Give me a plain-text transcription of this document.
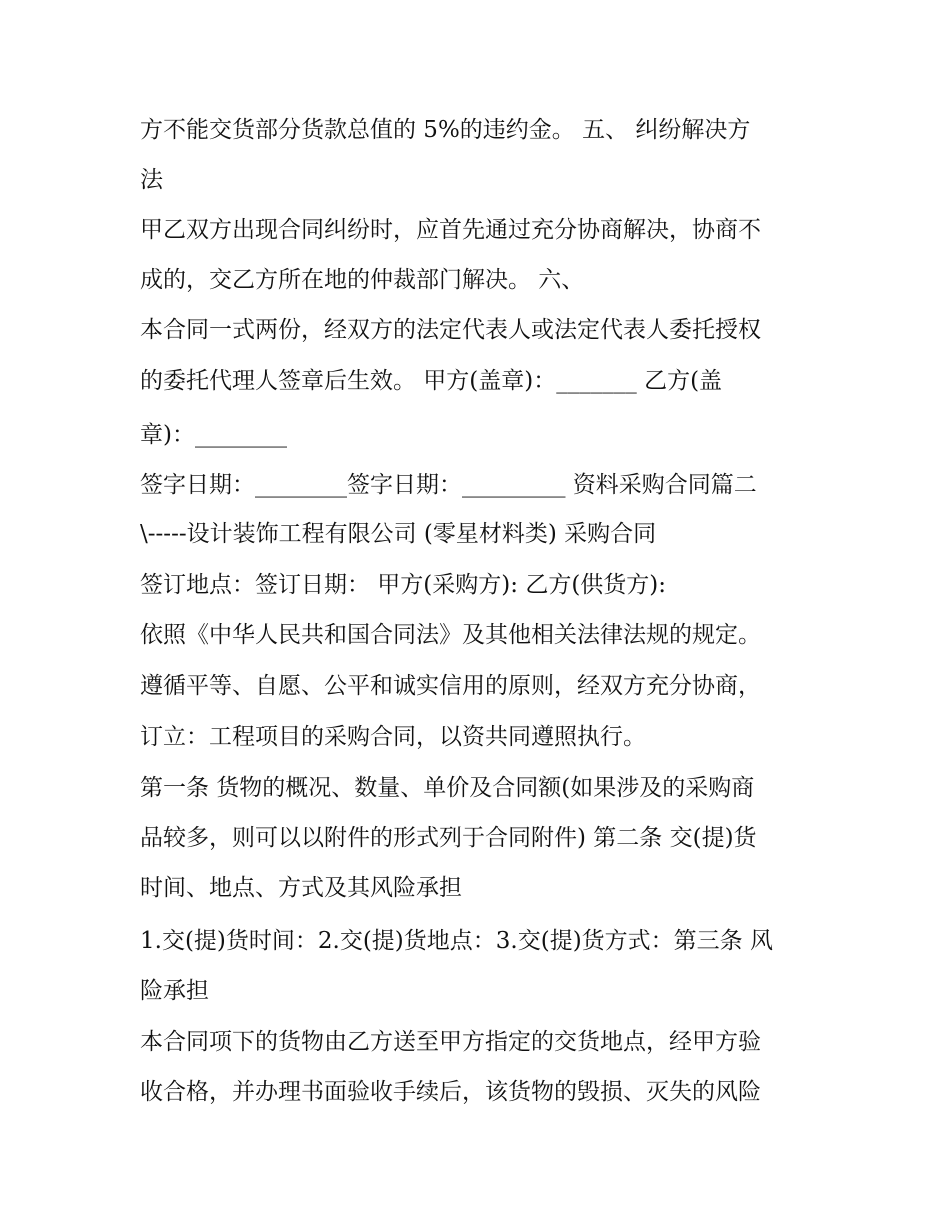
方不能交货部分货款总值的 5%的违约金。 五、 纠纷解决方
法
甲乙双方出现合同纠纷时，应首先通过充分协商解决，协商不
成的，交乙方所在地的仲裁部门解决。 六、
本合同一式两份，经双方的法定代表人或法定代表人委托授权
的委托代理人签章后生效。 甲方(盖章)：_______ 乙方(盖
章)：________
签字日期：________签字日期：_________ 资料采购合同篇二
\-----设计装饰工程有限公司 (零星材料类) 采购合同
签订地点：签订日期： 甲方(采购方): 乙方(供货方):
依照《中华人民共和国合同法》及其他相关法律法规的规定。
遵循平等、自愿、公平和诚实信用的原则，经双方充分协商，
订立：工程项目的采购合同，以资共同遵照执行。
第一条 货物的概况、数量、单价及合同额(如果涉及的采购商
品较多，则可以以附件的形式列于合同附件) 第二条 交(提)货
时间、地点、方式及其风险承担
1.交(提)货时间：2.交(提)货地点：3.交(提)货方式：第三条 风
险承担
本合同项下的货物由乙方送至甲方指定的交货地点，经甲方验
收合格，并办理书面验收手续后，该货物的毁损、灭失的风险
